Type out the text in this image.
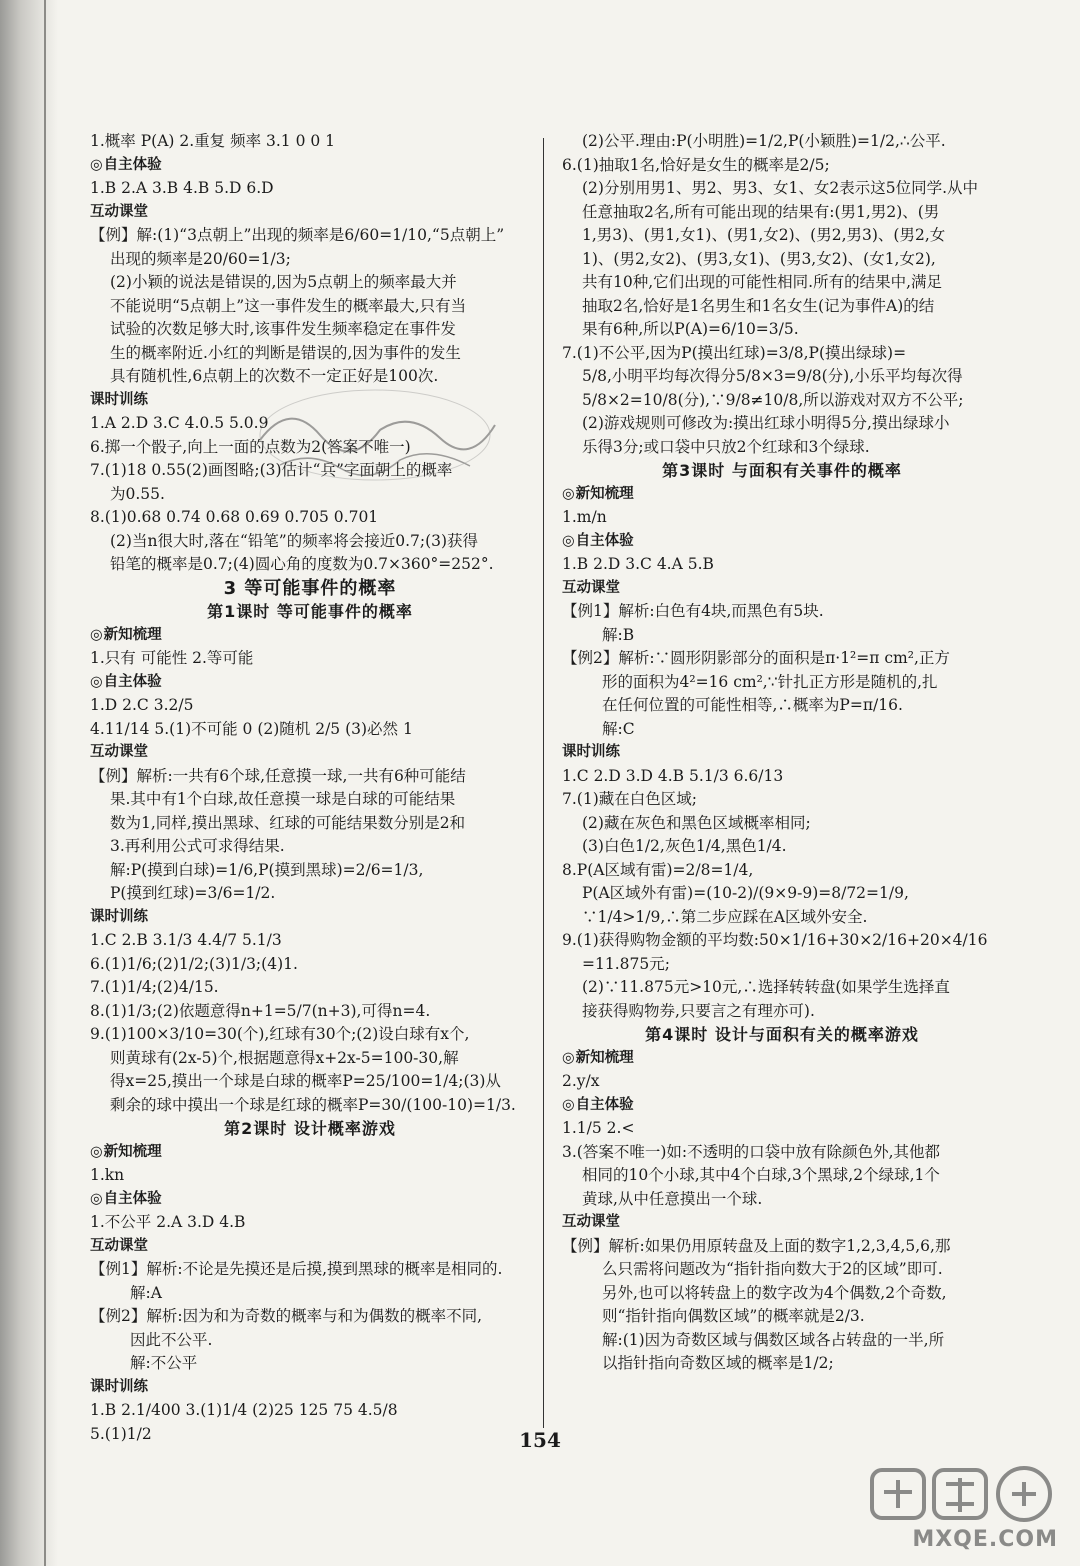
1.概率 P(A) 2.重复 频率 3.1 0 0 1
◎ 自主体验
1.B 2.A 3.B 4.B 5.D 6.D
互动课堂
【例】解:(1)“3点朝上”出现的频率是6/60=1/10,“5点朝上”
出现的频率是20/60=1/3;
(2)小颖的说法是错误的,因为5点朝上的频率最大并
不能说明“5点朝上”这一事件发生的概率最大,只有当
试验的次数足够大时,该事件发生频率稳定在事件发
生的概率附近.小红的判断是错误的,因为事件的发生
具有随机性,6点朝上的次数不一定正好是100次.
课时训练
1.A 2.D 3.C 4.0.5 5.0.9
6.掷一个骰子,向上一面的点数为2(答案不唯一)
7.(1)18 0.55(2)画图略;(3)估计“兵”字面朝上的概率
为0.55.
8.(1)0.68 0.74 0.68 0.69 0.705 0.701
(2)当n很大时,落在“铅笔”的频率将会接近0.7;(3)获得
铅笔的概率是0.7;(4)圆心角的度数为0.7×360°=252°.
3 等可能事件的概率
第1课时 等可能事件的概率
◎ 新知梳理
1.只有 可能性 2.等可能
◎ 自主体验
1.D 2.C 3.2/5
4.11/14 5.(1)不可能 0 (2)随机 2/5 (3)必然 1
互动课堂
【例】解析:一共有6个球,任意摸一球,一共有6种可能结
果.其中有1个白球,故任意摸一球是白球的可能结果
数为1,同样,摸出黑球、红球的可能结果数分别是2和
3.再利用公式可求得结果.
解:P(摸到白球)=1/6,P(摸到黑球)=2/6=1/3,
P(摸到红球)=3/6=1/2.
课时训练
1.C 2.B 3.1/3 4.4/7 5.1/3
6.(1)1/6;(2)1/2;(3)1/3;(4)1.
7.(1)1/4;(2)4/15.
8.(1)1/3;(2)依题意得n+1=5/7(n+3),可得n=4.
9.(1)100×3/10=30(个),红球有30个;(2)设白球有x个,
则黄球有(2x-5)个,根据题意得x+2x-5=100-30,解
得x=25,摸出一个球是白球的概率P=25/100=1/4;(3)从
剩余的球中摸出一个球是红球的概率P=30/(100-10)=1/3.
第2课时 设计概率游戏
◎ 新知梳理
1.kn
◎ 自主体验
1.不公平 2.A 3.D 4.B
互动课堂
【例1】解析:不论是先摸还是后摸,摸到黑球的概率是相同的.
解:A
【例2】解析:因为和为奇数的概率与和为偶数的概率不同,
因此不公平.
解:不公平
课时训练
1.B 2.1/400 3.(1)1/4 (2)25 125 75 4.5/8
5.(1)1/2
(2)公平.理由:P(小明胜)=1/2,P(小颖胜)=1/2,∴公平.
6.(1)抽取1名,恰好是女生的概率是2/5;
(2)分别用男1、男2、男3、女1、女2表示这5位同学.从中
任意抽取2名,所有可能出现的结果有:(男1,男2)、(男
1,男3)、(男1,女1)、(男1,女2)、(男2,男3)、(男2,女
1)、(男2,女2)、(男3,女1)、(男3,女2)、(女1,女2),
共有10种,它们出现的可能性相同.所有的结果中,满足
抽取2名,恰好是1名男生和1名女生(记为事件A)的结
果有6种,所以P(A)=6/10=3/5.
7.(1)不公平,因为P(摸出红球)=3/8,P(摸出绿球)=
5/8,小明平均每次得分5/8×3=9/8(分),小乐平均每次得
5/8×2=10/8(分),∵9/8≠10/8,所以游戏对双方不公平;
(2)游戏规则可修改为:摸出红球小明得5分,摸出绿球小
乐得3分;或口袋中只放2个红球和3个绿球.
第3课时 与面积有关事件的概率
◎ 新知梳理
1.m/n
◎ 自主体验
1.B 2.D 3.C 4.A 5.B
互动课堂
【例1】解析:白色有4块,而黑色有5块.
解:B
【例2】解析:∵圆形阴影部分的面积是π·1²=π cm²,正方
形的面积为4²=16 cm²,∵针扎正方形是随机的,扎
在任何位置的可能性相等,∴概率为P=π/16.
解:C
课时训练
1.C 2.D 3.D 4.B 5.1/3 6.6/13
7.(1)藏在白色区域;
(2)藏在灰色和黑色区域概率相同;
(3)白色1/2,灰色1/4,黑色1/4.
8.P(A区域有雷)=2/8=1/4,
P(A区域外有雷)=(10-2)/(9×9-9)=8/72=1/9,
∵1/4>1/9,∴第二步应踩在A区域外安全.
9.(1)获得购物金额的平均数:50×1/16+30×2/16+20×4/16
=11.875元;
(2)∵11.875元>10元,∴选择转转盘(如果学生选择直
接获得购物券,只要言之有理亦可).
第4课时 设计与面积有关的概率游戏
◎ 新知梳理
2.y/x
◎ 自主体验
1.1/5 2.<
3.(答案不唯一)如:不透明的口袋中放有除颜色外,其他都
相同的10个小球,其中4个白球,3个黑球,2个绿球,1个
黄球,从中任意摸出一个球.
互动课堂
【例】解析:如果仍用原转盘及上面的数字1,2,3,4,5,6,那
么只需将问题改为“指针指向数大于2的区域”即可.
另外,也可以将转盘上的数字改为4个偶数,2个奇数,
则“指针指向偶数区域”的概率就是2/3.
解:(1)因为奇数区域与偶数区域各占转盘的一半,所
以指针指向奇数区域的概率是1/2;
154
MXQE.COM
